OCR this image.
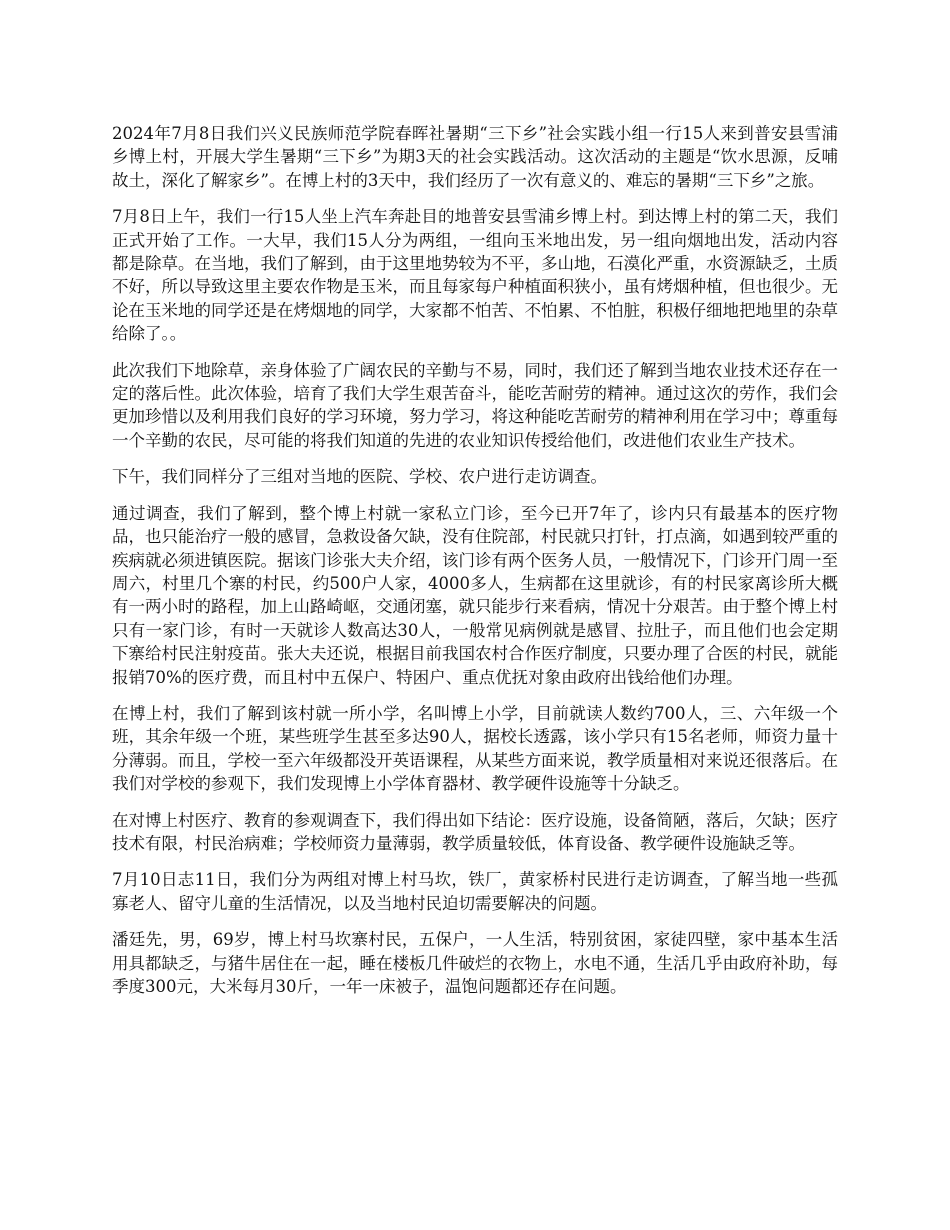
2024年7月8日我们兴义民族师范学院春晖社暑期“三下乡”社会实践小组一行15人来到普安县雪浦乡博上村，开展大学生暑期“三下乡”为期3天的社会实践活动。这次活动的主题是“饮水思源，反哺故土，深化了解家乡”。在博上村的3天中，我们经历了一次有意义的、难忘的暑期“三下乡”之旅。

7月8日上午，我们一行15人坐上汽车奔赴目的地普安县雪浦乡博上村。到达博上村的第二天，我们正式开始了工作。一大早，我们15人分为两组，一组向玉米地出发，另一组向烟地出发，活动内容都是除草。在当地，我们了解到，由于这里地势较为不平，多山地，石漠化严重，水资源缺乏，土质不好，所以导致这里主要农作物是玉米，而且每家每户种植面积狭小，虽有烤烟种植，但也很少。无论在玉米地的同学还是在烤烟地的同学，大家都不怕苦、不怕累、不怕脏，积极仔细地把地里的杂草给除了。。

此次我们下地除草，亲身体验了广阔农民的辛勤与不易，同时，我们还了解到当地农业技术还存在一定的落后性。此次体验，培育了我们大学生艰苦奋斗，能吃苦耐劳的精神。通过这次的劳作，我们会更加珍惜以及利用我们良好的学习环境，努力学习，将这种能吃苦耐劳的精神利用在学习中；尊重每一个辛勤的农民，尽可能的将我们知道的先进的农业知识传授给他们，改进他们农业生产技术。

下午，我们同样分了三组对当地的医院、学校、农户进行走访调查。

通过调查，我们了解到，整个博上村就一家私立门诊，至今已开7年了，诊内只有最基本的医疗物品，也只能治疗一般的感冒，急救设备欠缺，没有住院部，村民就只打针，打点滴，如遇到较严重的疾病就必须进镇医院。据该门诊张大夫介绍，该门诊有两个医务人员，一般情况下，门诊开门周一至周六，村里几个寨的村民，约500户人家，4000多人，生病都在这里就诊，有的村民家离诊所大概有一两小时的路程，加上山路崎岖，交通闭塞，就只能步行来看病，情况十分艰苦。由于整个博上村只有一家门诊，有时一天就诊人数高达30人，一般常见病例就是感冒、拉肚子，而且他们也会定期下寨给村民注射疫苗。张大夫还说，根据目前我国农村合作医疗制度，只要办理了合医的村民，就能报销70%的医疗费，而且村中五保户、特困户、重点优抚对象由政府出钱给他们办理。

在博上村，我们了解到该村就一所小学，名叫博上小学，目前就读人数约700人，三、六年级一个班，其余年级一个班，某些班学生甚至多达90人，据校长透露，该小学只有15名老师，师资力量十分薄弱。而且，学校一至六年级都没开英语课程，从某些方面来说，教学质量相对来说还很落后。在我们对学校的参观下，我们发现博上小学体育器材、教学硬件设施等十分缺乏。

在对博上村医疗、教育的参观调查下，我们得出如下结论：医疗设施，设备简陋，落后，欠缺；医疗技术有限，村民治病难；学校师资力量薄弱，教学质量较低，体育设备、教学硬件设施缺乏等。

7月10日志11日，我们分为两组对博上村马坎，铁厂，黄家桥村民进行走访调查，了解当地一些孤寡老人、留守儿童的生活情况，以及当地村民迫切需要解决的问题。

潘廷先，男，69岁，博上村马坎寨村民，五保户，一人生活，特别贫困，家徒四壁，家中基本生活用具都缺乏，与猪牛居住在一起，睡在楼板几件破烂的衣物上，水电不通，生活几乎由政府补助，每季度300元，大米每月30斤，一年一床被子，温饱问题都还存在问题。
